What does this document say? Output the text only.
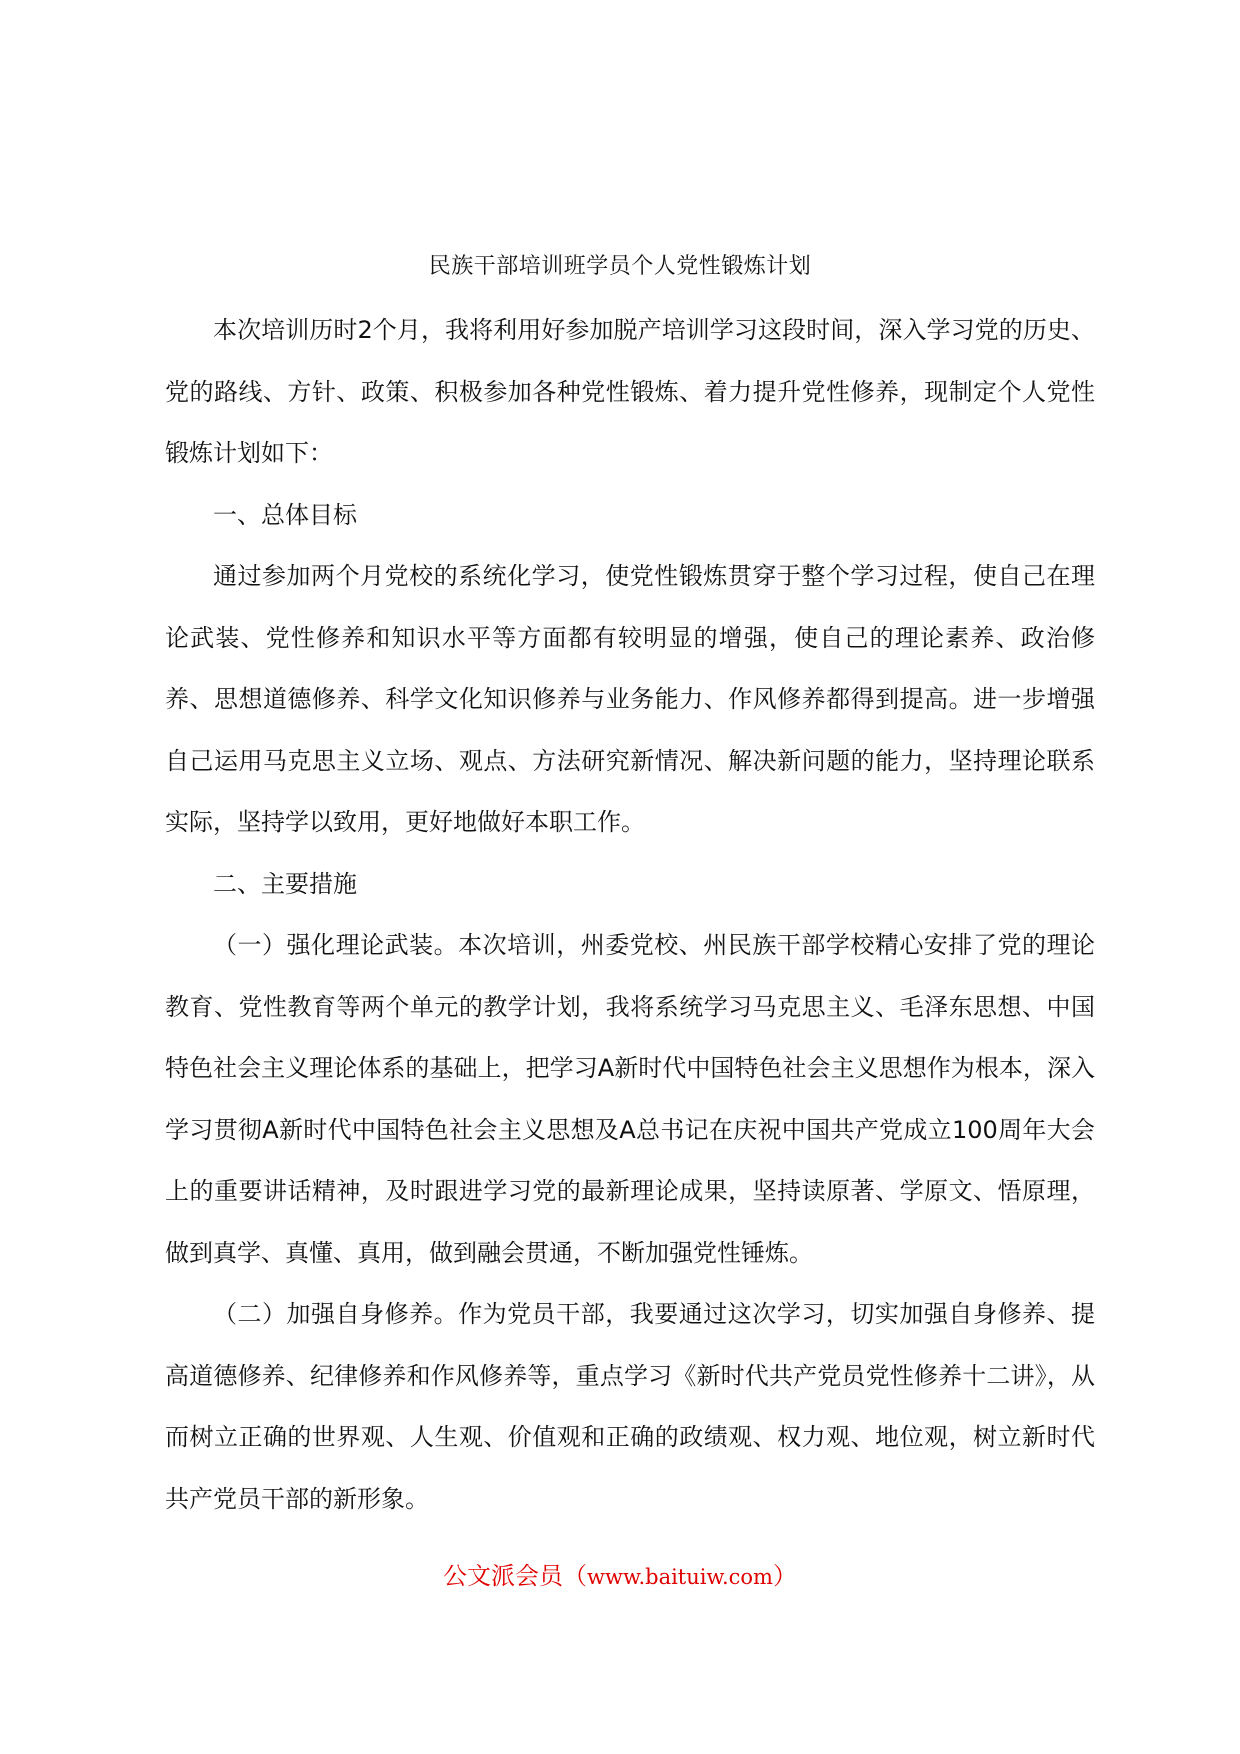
民族干部培训班学员个人党性锻炼计划

本次培训历时2个月，我将利用好参加脱产培训学习这段时间，深入学习党的历史、党的路线、方针、政策、积极参加各种党性锻炼、着力提升党性修养，现制定个人党性锻炼计划如下：

一、总体目标

通过参加两个月党校的系统化学习，使党性锻炼贯穿于整个学习过程，使自己在理论武装、党性修养和知识水平等方面都有较明显的增强，使自己的理论素养、政治修养、思想道德修养、科学文化知识修养与业务能力、作风修养都得到提高。进一步增强自己运用马克思主义立场、观点、方法研究新情况、解决新问题的能力，坚持理论联系实际，坚持学以致用，更好地做好本职工作。

二、主要措施

（一）强化理论武装。本次培训，州委党校、州民族干部学校精心安排了党的理论教育、党性教育等两个单元的教学计划，我将系统学习马克思主义、毛泽东思想、中国特色社会主义理论体系的基础上，把学习A新时代中国特色社会主义思想作为根本，深入学习贯彻A新时代中国特色社会主义思想及A总书记在庆祝中国共产党成立100周年大会上的重要讲话精神，及时跟进学习党的最新理论成果，坚持读原著、学原文、悟原理，做到真学、真懂、真用，做到融会贯通，不断加强党性锤炼。

（二）加强自身修养。作为党员干部，我要通过这次学习，切实加强自身修养、提高道德修养、纪律修养和作风修养等，重点学习《新时代共产党员党性修养十二讲》，从而树立正确的世界观、人生观、价值观和正确的政绩观、权力观、地位观，树立新时代共产党员干部的新形象。

公文派会员（www.baituiw.com）
